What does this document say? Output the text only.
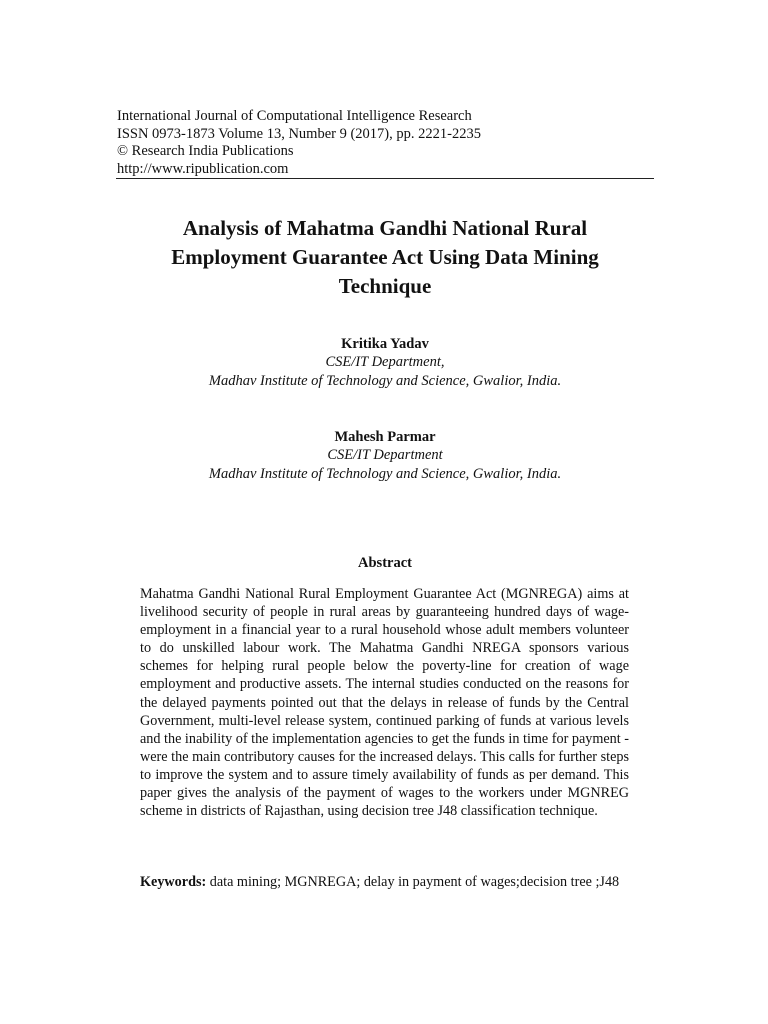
International Journal of Computational Intelligence Research
ISSN 0973-1873 Volume 13, Number 9 (2017), pp. 2221-2235
© Research India Publications
http://www.ripublication.com
Analysis of Mahatma Gandhi National Rural
Employment Guarantee Act Using Data Mining
Technique
Kritika Yadav
CSE/IT Department,
Madhav Institute of Technology and Science, Gwalior, India.
Mahesh Parmar
CSE/IT Department
Madhav Institute of Technology and Science, Gwalior, India.
Abstract
Mahatma Gandhi National Rural Employment Guarantee Act (MGNREGA) aims at livelihood security of people in rural areas by guaranteeing hundred days of wage-employment in a financial year to a rural household whose adult members volunteer to do unskilled labour work. The Mahatma Gandhi NREGA sponsors various schemes for helping rural people below the poverty-line for creation of wage employment and productive assets. The internal studies conducted on the reasons for the delayed payments pointed out that the delays in release of funds by the Central Government, multi-level release system, continued parking of funds at various levels and the inability of the implementation agencies to get the funds in time for payment - were the main contributory causes for the increased delays. This calls for further steps to improve the system and to assure timely availability of funds as per demand. This paper gives the analysis of the payment of wages to the workers under MGNREG scheme in districts of Rajasthan, using decision tree J48 classification technique.
Keywords: data mining; MGNREGA; delay in payment of wages;decision tree ;J48
